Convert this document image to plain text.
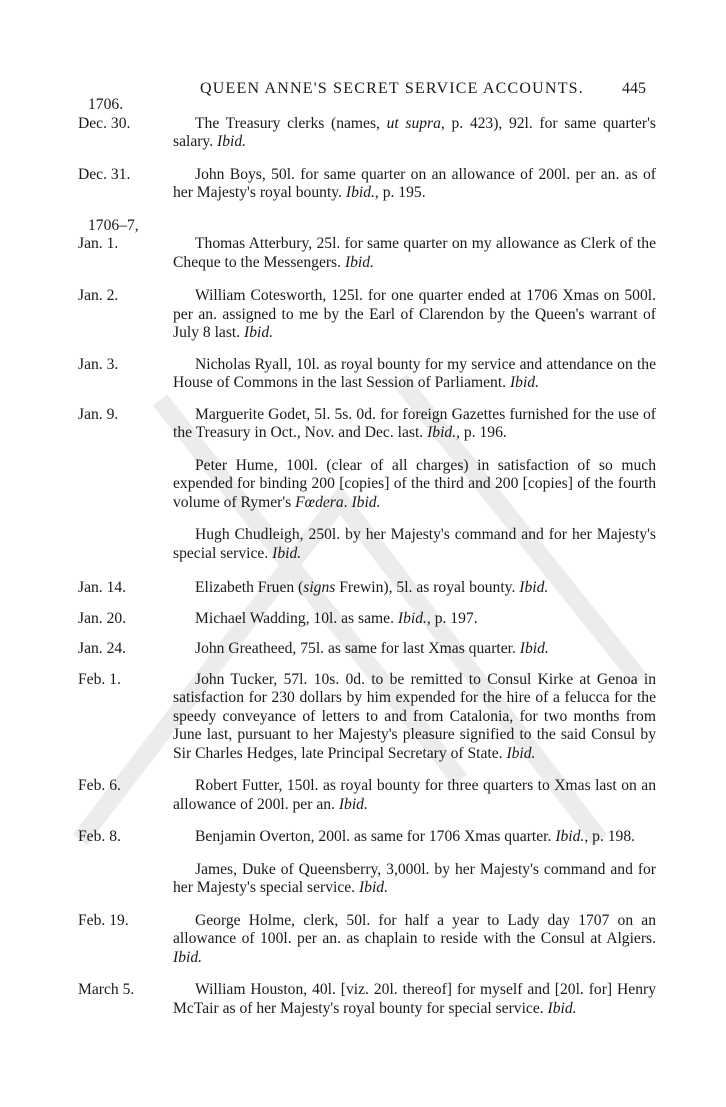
QUEEN ANNE'S SECRET SERVICE ACCOUNTS. 445
1706.
Dec. 30.	The Treasury clerks (names, ut supra, p. 423), 92l. for same quarter's salary. Ibid.

Dec. 31.	John Boys, 50l. for same quarter on an allowance of 200l. per an. as of her Majesty's royal bounty. Ibid., p. 195.

1706–7,
Jan. 1.	Thomas Atterbury, 25l. for same quarter on my allowance as Clerk of the Cheque to the Messengers. Ibid.

Jan. 2.	William Cotesworth, 125l. for one quarter ended at 1706 Xmas on 500l. per an. assigned to me by the Earl of Clarendon by the Queen's warrant of July 8 last. Ibid.

Jan. 3.	Nicholas Ryall, 10l. as royal bounty for my service and attendance on the House of Commons in the last Session of Parliament. Ibid.

Jan. 9.	Marguerite Godet, 5l. 5s. 0d. for foreign Gazettes furnished for the use of the Treasury in Oct., Nov. and Dec. last. Ibid., p. 196.

Peter Hume, 100l. (clear of all charges) in satisfaction of so much expended for binding 200 [copies] of the third and 200 [copies] of the fourth volume of Rymer's Fœdera. Ibid.

Hugh Chudleigh, 250l. by her Majesty's command and for her Majesty's special service. Ibid.

Jan. 14.	Elizabeth Fruen (signs Frewin), 5l. as royal bounty. Ibid.

Jan. 20.	Michael Wadding, 10l. as same. Ibid., p. 197.

Jan. 24.	John Greatheed, 75l. as same for last Xmas quarter. Ibid.

Feb. 1.	John Tucker, 57l. 10s. 0d. to be remitted to Consul Kirke at Genoa in satisfaction for 230 dollars by him expended for the hire of a felucca for the speedy conveyance of letters to and from Catalonia, for two months from June last, pursuant to her Majesty's pleasure signified to the said Consul by Sir Charles Hedges, late Principal Secretary of State. Ibid.

Feb. 6.	Robert Futter, 150l. as royal bounty for three quarters to Xmas last on an allowance of 200l. per an. Ibid.

Feb. 8.	Benjamin Overton, 200l. as same for 1706 Xmas quarter. Ibid., p. 198.

James, Duke of Queensberry, 3,000l. by her Majesty's command and for her Majesty's special service. Ibid.

Feb. 19.	George Holme, clerk, 50l. for half a year to Lady day 1707 on an allowance of 100l. per an. as chaplain to reside with the Consul at Algiers. Ibid.

March 5.	William Houston, 40l. [viz. 20l. thereof] for myself and [20l. for] Henry McTair as of her Majesty's royal bounty for special service. Ibid.
